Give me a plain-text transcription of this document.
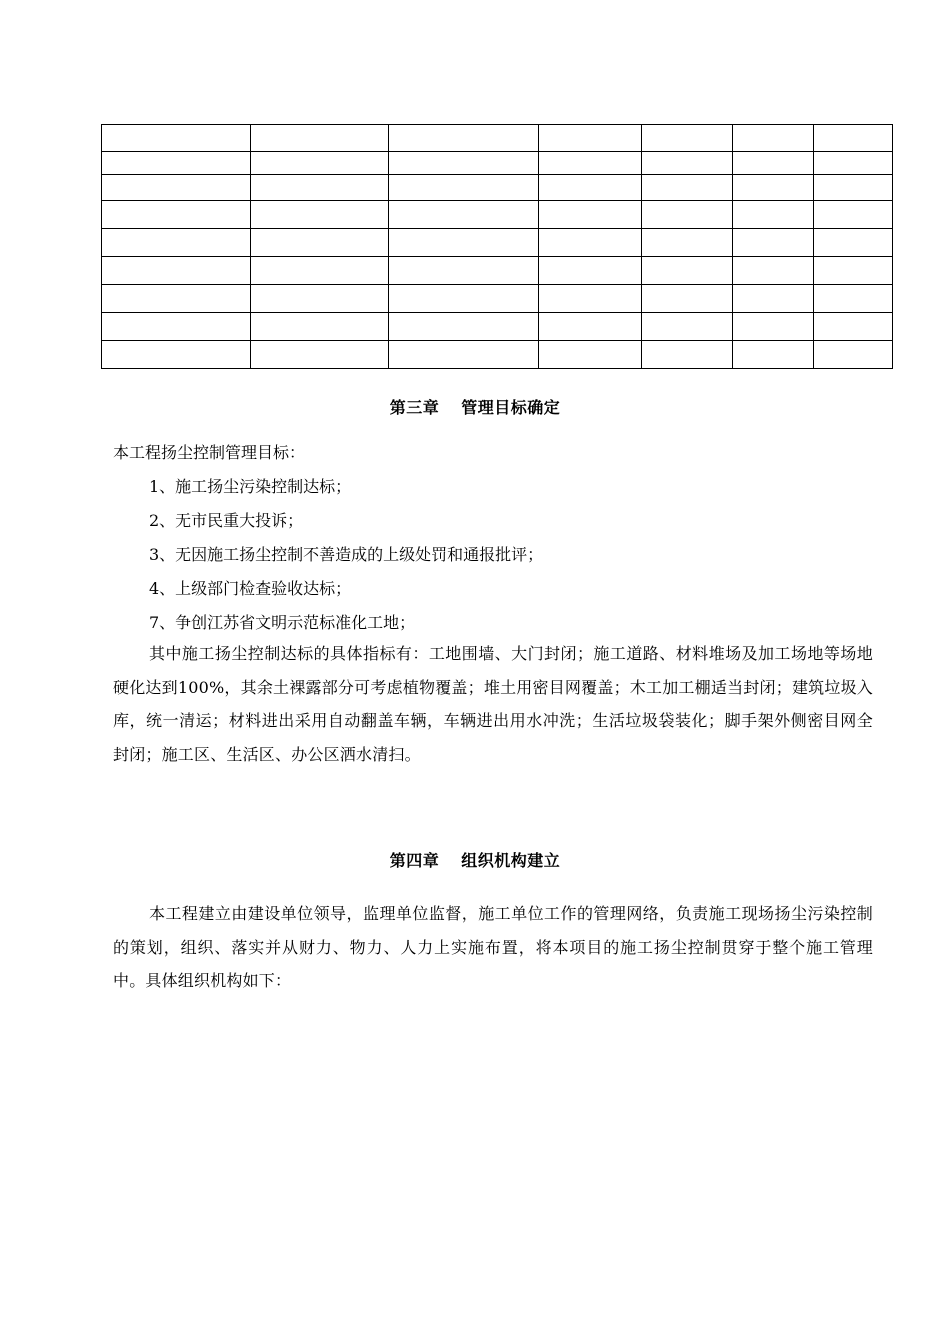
第三章 管理目标确定
本工程扬尘控制管理目标：
1、施工扬尘污染控制达标；
2、无市民重大投诉；
3、无因施工扬尘控制不善造成的上级处罚和通报批评；
4、上级部门检查验收达标；
7、争创江苏省文明示范标准化工地；
其中施工扬尘控制达标的具体指标有：工地围墙、大门封闭；施工道路、材料堆场及加工场地等场地硬化达到100%，其余土裸露部分可考虑植物覆盖；堆土用密目网覆盖；木工加工棚适当封闭；建筑垃圾入库，统一清运；材料进出采用自动翻盖车辆，车辆进出用水冲洗；生活垃圾袋装化；脚手架外侧密目网全封闭；施工区、生活区、办公区洒水清扫。
第四章 组织机构建立
本工程建立由建设单位领导，监理单位监督，施工单位工作的管理网络，负责施工现场扬尘污染控制的策划，组织、落实并从财力、物力、人力上实施布置，将本项目的施工扬尘控制贯穿于整个施工管理中。具体组织机构如下：
